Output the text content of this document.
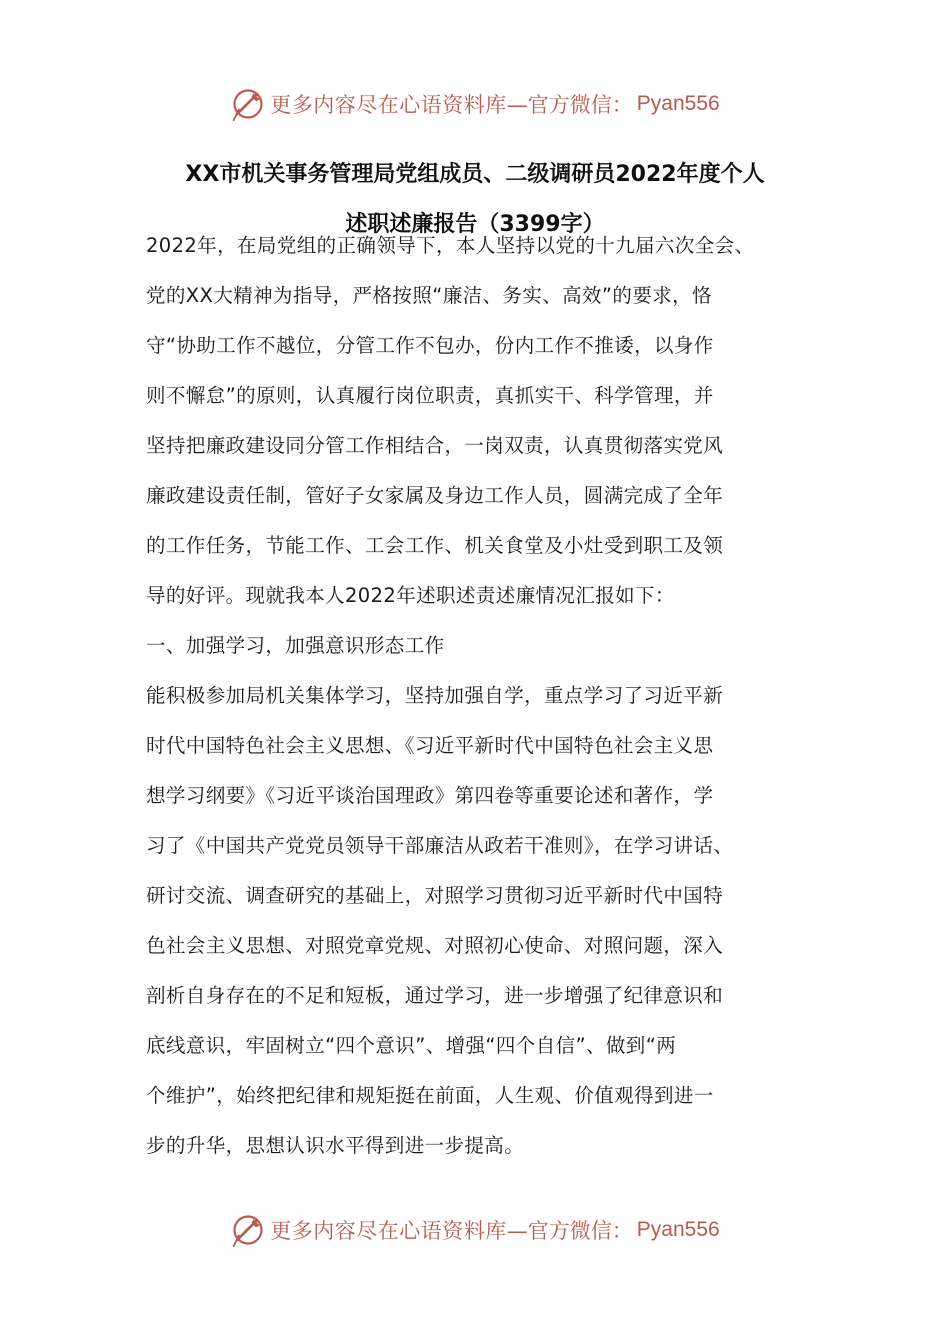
更多内容尽在心语资料库 —官方微信： Pyan556
XX市机关事务管理局党组成员、二级调研员2022年度个人
述职述廉报告（3399字）
2022年，在局党组的正确领导下，本人坚持以党的十九届六次全会、
党的XX大精神为指导，严格按照“廉洁、务实、高效”的要求，恪
守“协助工作不越位，分管工作不包办，份内工作不推诿，以身作
则不懈怠”的原则，认真履行岗位职责，真抓实干、科学管理，并
坚持把廉政建设同分管工作相结合，一岗双责，认真贯彻落实党风
廉政建设责任制，管好子女家属及身边工作人员，圆满完成了全年
的工作任务，节能工作、工会工作、机关食堂及小灶受到职工及领
导的好评。现就我本人2022年述职述责述廉情况汇报如下：
一、加强学习，加强意识形态工作
能积极参加局机关集体学习，坚持加强自学，重点学习了习近平新
时代中国特色社会主义思想、《习近平新时代中国特色社会主义思
想学习纲要》《习近平谈治国理政》第四卷等重要论述和著作，学
习了《中国共产党党员领导干部廉洁从政若干准则》，在学习讲话、
研讨交流、调查研究的基础上，对照学习贯彻习近平新时代中国特
色社会主义思想、对照党章党规、对照初心使命、对照问题，深入
剖析自身存在的不足和短板，通过学习，进一步增强了纪律意识和
底线意识，牢固树立“四个意识”、增强“四个自信”、做到“两
个维护”，始终把纪律和规矩挺在前面，人生观、价值观得到进一
步的升华，思想认识水平得到进一步提高。
更多内容尽在心语资料库 —官方微信： Pyan556
